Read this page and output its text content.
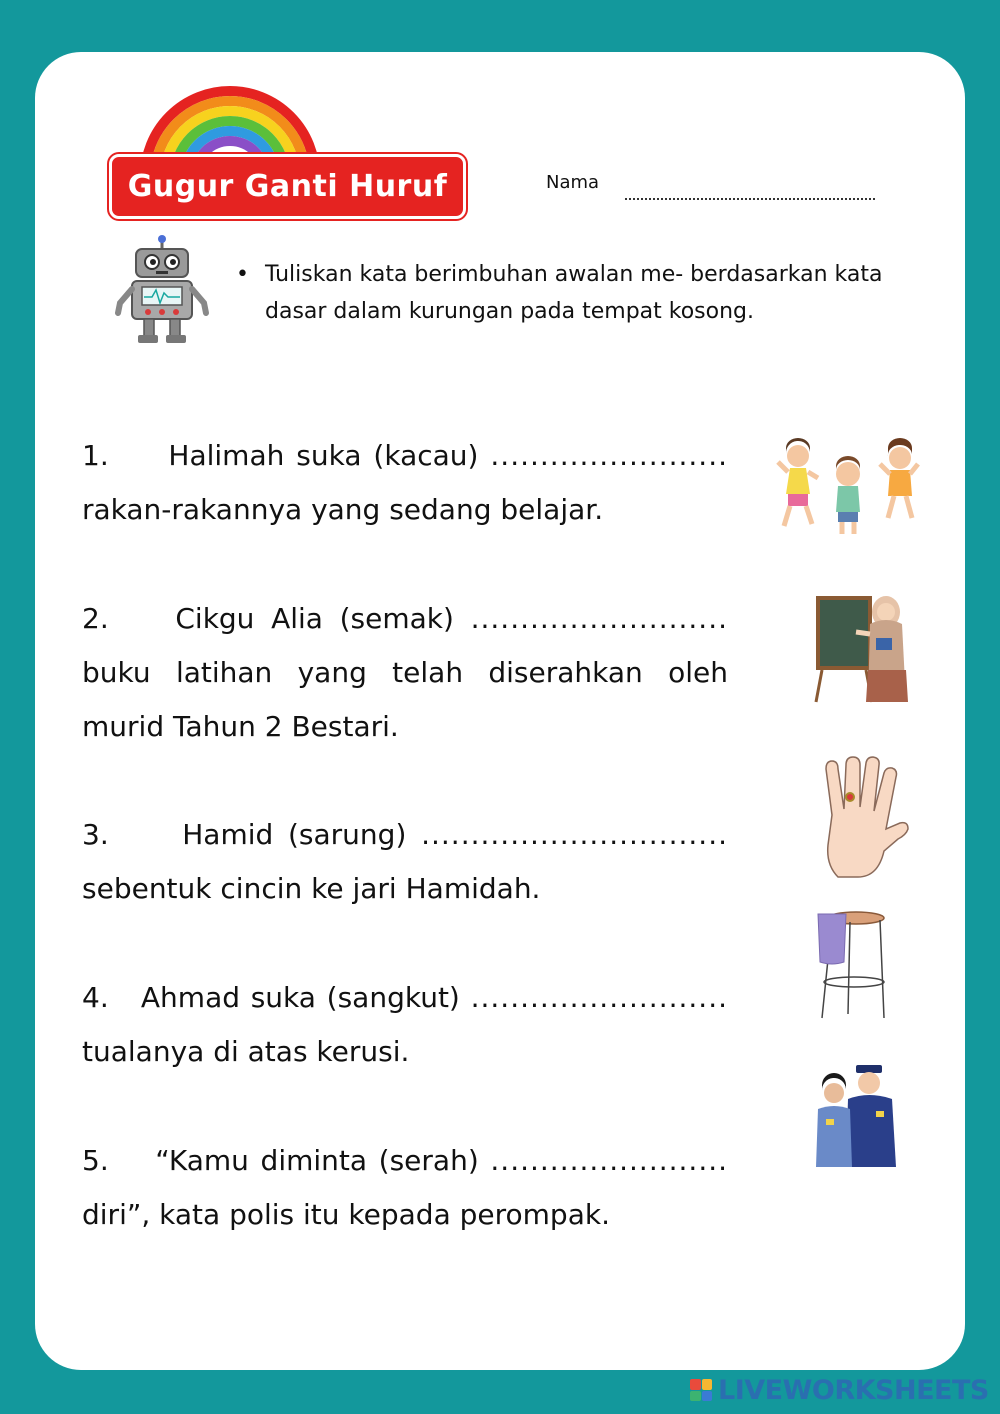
Gugur Ganti Huruf	Nama
• Tuliskan kata berimbuhan awalan me- berdasarkan kata dasar dalam kurungan pada tempat kosong.
1. Halimah suka (kacau) ........................ rakan-rakannya yang sedang belajar.
2. Cikgu Alia (semak) .......................... buku latihan yang telah diserahkan oleh murid Tahun 2 Bestari.
3.	Hamid (sarung) ............................... sebentuk cincin ke jari Hamidah.
4. Ahmad suka (sangkut) .......................... tualanya di atas kerusi.
5. “Kamu diminta (serah) ........................ diri”, kata polis itu kepada perompak.
LIVEWORKSHEETS
